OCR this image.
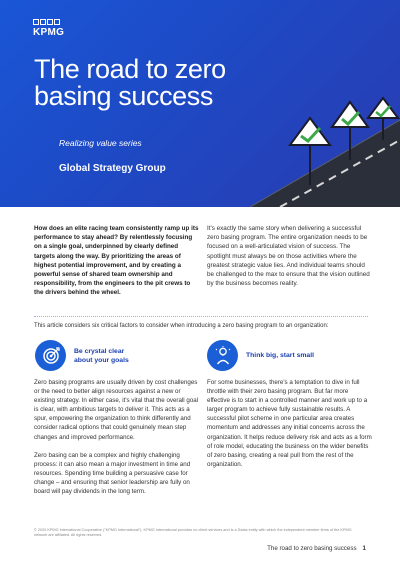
KPMG
The road to zero
basing success
Realizing value series
Global Strategy Group
How does an elite racing team consistently ramp up its performance to stay ahead? By relentlessly focusing on a single goal, underpinned by clearly defined targets along the way. By prioritizing the areas of highest potential improvement, and by creating a powerful sense of shared team ownership and responsibility, from the engineers to the pit crews to the drivers behind the wheel.
It's exactly the same story when delivering a successful zero basing program. The entire organization needs to be focused on a well-articulated vision of success. The spotlight must always be on those activities where the greatest strategic value lies. And individual teams should be challenged to the max to ensure that the vision outlined by the business becomes reality.
This article considers six critical factors to consider when introducing a zero basing program to an organization:
Be crystal clear about your goals
Think big, start small

Zero basing programs are usually driven by cost challenges or the need to better align resources against a new or existing strategy. In either case, it's vital that the overall goal is clear, with ambitious targets to deliver it. This acts as a spur, empowering the organization to think differently and consider radical options that could genuinely mean step changes and improved performance.

Zero basing can be a complex and highly challenging process: it can also mean a major investment in time and resources. Spending time building a persuasive case for change – and ensuring that senior leadership are fully on board will pay dividends in the long term.

For some businesses, there's a temptation to dive in full throttle with their zero basing program. But far more effective is to start in a controlled manner and work up to a larger program to achieve fully sustainable results. A successful pilot scheme in one particular area creates momentum and addresses any initial concerns across the organization. It helps reduce delivery risk and acts as a form of role model, educating the business on the wider benefits of zero basing, creating a real pull from the rest of the organization.

© 2020 KPMG International Cooperative ("KPMG International"). KPMG International provides no client services and is a Swiss entity with which the independent member firms of the KPMG network are affiliated. All rights reserved.
The road to zero basing success 1
